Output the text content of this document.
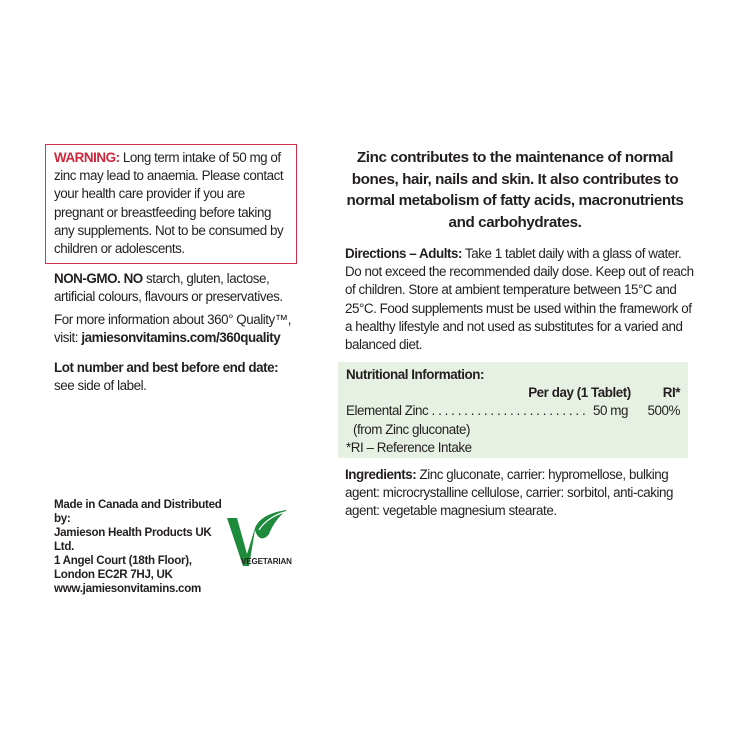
WARNING: Long term intake of 50 mg of zinc may lead to anaemia. Please contact your health care provider if you are pregnant or breastfeeding before taking any supplements. Not to be consumed by children or adolescents.

NON-GMO. NO starch, gluten, lactose, artificial colours, flavours or preservatives.

For more information about 360° Quality™, visit: jamiesonvitamins.com/360quality

Lot number and best before end date:
see side of label.
Made in Canada and Distributed by:
Jamieson Health Products UK Ltd.
1 Angel Court (18th Floor),
London EC2R 7HJ, UK
www.jamiesonvitamins.com
VEGETARIAN

Zinc contributes to the maintenance of normal bones, hair, nails and skin. It also contributes to normal metabolism of fatty acids, macronutrients and carbohydrates.

Directions – Adults: Take 1 tablet daily with a glass of water. Do not exceed the recommended daily dose. Keep out of reach of children. Store at ambient temperature between 15°C and 25°C. Food supplements must be used within the framework of a healthy lifestyle and not used as substitutes for a varied and balanced diet.

Nutritional Information:
Per day (1 Tablet) RI*
Elemental Zinc . . . . . . . . . . . . . . . . . . . . . . . . 50 mg	500%
(from Zinc gluconate)
*RI – Reference Intake

Ingredients: Zinc gluconate, carrier: hypromellose, bulking agent: microcrystalline cellulose, carrier: sorbitol, anti-caking agent: vegetable magnesium stearate.
